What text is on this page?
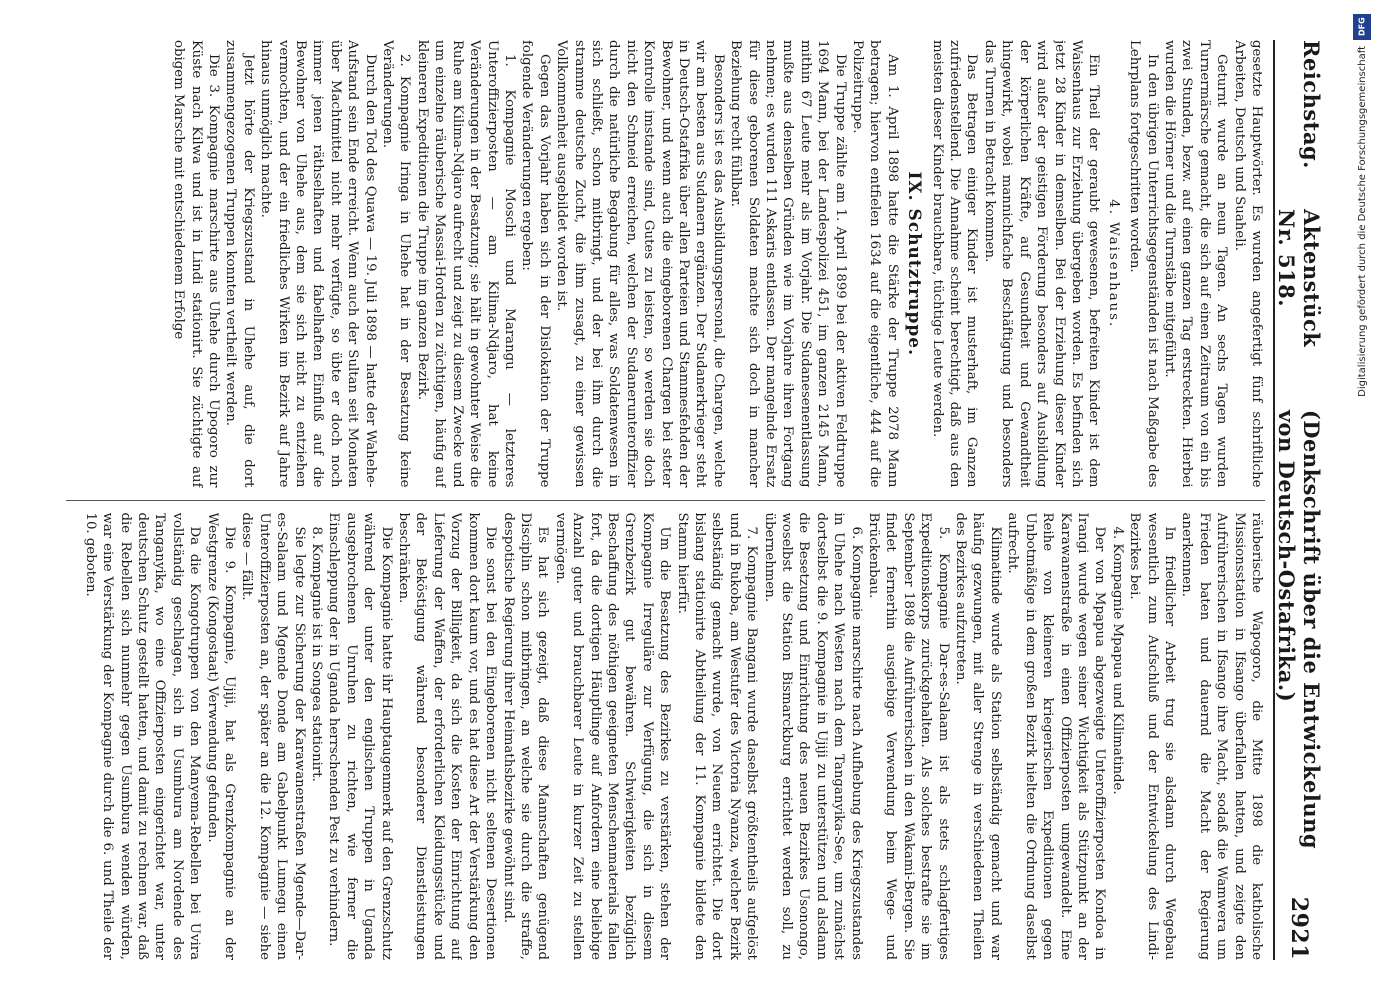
Reichstag.
Aktenstück Nr. 518.
(Denkschrift über die Entwickelung von Deutsch-Ostafrika.)
2921

gesetzte Hauptwörter. Es wurden angefertigt fünf schriftliche Arbeiten, Deutsch und Suaheli.

Geturnt wurde an neun Tagen. An sechs Tagen wurden Turnermärsche gemacht, die sich auf einen Zeitraum von ein bis zwei Stunden, bezw. auf einen ganzen Tag erstreckten. Hierbei wurden die Hörner und die Turnstäbe mitgeführt.

In den übrigen Unterrichtsgegenständen ist nach Maßgabe des Lehrplans fortgeschritten worden.

4. Waisenhaus.

Ein Theil der geraubt gewesenen, befreiten Kinder ist dem Waisenhaus zur Erziehung übergeben worden. Es befinden sich jetzt 28 Kinder in demselben. Bei der Erziehung dieser Kinder wird außer der geistigen Förderung besonders auf Ausbildung der körperlichen Kräfte, auf Gesundheit und Gewandtheit hingewirkt, wobei mannichfache Beschäftigung und besonders das Turnen in Betracht kommen.

Das Betragen einiger Kinder ist musterhaft, im Ganzen zufriedenstellend. Die Annahme scheint berechtigt, daß aus den meisten dieser Kinder brauchbare, tüchtige Leute werden.

IX. Schutztruppe.

Am 1. April 1898 hatte die Stärke der Truppe 2078 Mann betragen; hiervon entfielen 1634 auf die eigentliche, 444 auf die Polizeitruppe.

Die Truppe zählte am 1. April 1899 bei der aktiven Feldtruppe 1694 Mann, bei der Landespolizei 451, im ganzen 2145 Mann, mithin 67 Leute mehr als im Vorjahr. Die Sudanesenentlassung mußte aus denselben Gründen wie im Vorjahre ihren Fortgang nehmen; es wurden 111 Askaris entlassen. Der mangelnde Ersatz für diese geborenen Soldaten machte sich doch in mancher Beziehung recht fühlbar.

Besonders ist es das Ausbildungspersonal, die Chargen, welche wir am besten aus Sudanern ergänzen. Der Sudanerkrieger steht in Deutsch-Ostafrika über allen Parteien und Stammesfehden der Bewohner, und wenn auch die eingeborenen Chargen bei steter Kontrolle imstande sind, Gutes zu leisten, so werden sie doch nicht den Schneid erreichen, welchen der Sudanerunteroffizier durch die natürliche Begabung für alles, was Soldatenwesen in sich schließt, schon mitbringt, und der bei ihm durch die stramme deutsche Zucht, die ihm zusagt, zu einer gewissen Vollkommenheit ausgebildet worden ist.

Gegen das Vorjahr haben sich in der Dislokation der Truppe folgende Veränderungen ergeben:

1. Kompagnie Moschi und Marangu — letzteres Unteroffizierposten — am Kilima-Ndjaro, hat keine Veränderungen in der Besatzung; sie hält in gewohnter Weise die Ruhe am Kilima-Ndjaro aufrecht und zeigt zu diesem Zwecke und um einzelne räuberische Massai-Horden zu züchtigen, häufig auf kleineren Expeditionen die Truppe im ganzen Bezirk.

2. Kompagnie Iringa in Uhehe hat in der Besatzung keine Veränderungen.

Durch den Tod des Quawa — 19. Juli 1898 — hatte der Wahehe-Aufstand sein Ende erreicht. Wenn auch der Sultan seit Monaten über Machtmittel nicht mehr verfügte, so übte er doch noch immer jenen räthselhaften und fabelhaften Einfluß auf die Bewohner von Uhehe aus, dem sie sich nicht zu entziehen vermochten, und der ein friedliches Wirken im Bezirk auf Jahre hinaus unmöglich machte.

Jetzt hörte der Kriegszustand in Uhehe auf, die dort zusammengezogenen Truppen konnten vertheilt werden.

Die 3. Kompagnie marschirte aus Uhehe durch Upogoro zur Küste nach Kilwa und ist in Lindi stationirt. Sie züchtigte auf obigem Marsche mit entschiedenem Erfolge

räuberische Wapogoro, die Mitte 1898 die katholische Missionsstation in Ifsango überfallen hatten, und zeigte den Aufrührerischen in Ifsango ihre Macht, sodaß die Wamwera um Frieden baten und dauernd die Macht der Regierung anerkennen.

In friedlicher Arbeit trug sie alsdann durch Wegebau wesentlich zum Aufschluß und der Entwickelung des Lindi-Bezirkes bei.

4. Kompagnie Mpapua und Kilimatinde.

Der von Mpapua abgezweigte Unteroffizierposten Kondoa in Irangi wurde wegen seiner Wichtigkeit als Stützpunkt an der Karawanenstraße in einen Offizierposten umgewandelt. Eine Reihe von kleineren kriegerischen Expeditionen gegen Unbotmäßige in dem großen Bezirk hielten die Ordnung daselbst aufrecht.

Kilimatinde wurde als Station selbständig gemacht und war häufig gezwungen, mit aller Strenge in verschiedenen Theilen des Bezirkes aufzutreten.

5. Kompagnie Dar-es-Salaam ist als stets schlagfertiges Expeditionskorps zurückgehalten. Als solches bestrafte sie im September 1898 die Aufrührerischen in den Wakami-Bergen. Sie findet fernerhin ausgiebige Verwendung beim Wege- und Brückenbau.

6. Kompagnie marschirte nach Aufhebung des Kriegszustandes in Uhehe nach Westen nach dem Tanganyika-See, um zunächst dortselbst die 9. Kompagnie in Ujiji zu unterstützen und alsdann die Besetzung und Einrichtung des neuen Bezirkes Usonongo, woselbst die Station Bismarckburg errichtet werden soll, zu übernehmen.

7. Kompagnie Bangani wurde daselbst größtentheils aufgelöst und in Bukoba, am Westufer des Victoria Nyanza, welcher Bezirk selbständig gemacht wurde, von Neuem errichtet. Die dort bislang stationirte Abtheilung der 11. Kompagnie bildete den Stamm hierfür.

Um die Besatzung des Bezirkes zu verstärken, stehen der Kompagnie Irreguläre zur Verfügung, die sich in diesem Grenzbezirk gut bewähren. Schwierigkeiten bezüglich Beschaffung des nöthigen geeigneten Menschenmaterials fallen fort, da die dortigen Häuptlinge auf Anfordern eine beliebige Anzahl guter und brauchbarer Leute in kurzer Zeit zu stellen vermögen.

Es hat sich gezeigt, daß diese Mannschaften genügend Disciplin schon mitbringen, an welche sie durch die straffe, despotische Regierung ihrer Heimathsbezirke gewöhnt sind.

Die sonst bei den Eingeborenen nicht seltenen Desertionen kommen dort kaum vor, und es hat diese Art der Verstärkung den Vorzug der Billigkeit, da sich die Kosten der Einrichtung auf Lieferung der Waffen, der erforderlichen Kleidungsstücke und der Beköstigung während besonderer Dienstleistungen beschränken.

Die Kompagnie hatte ihr Hauptaugenmerk auf den Grenzschutz während der unter den englischen Truppen in Uganda ausgebrochenen Unruhen zu richten, wie ferner die Einschleppung der in Uganda herrschenden Pest zu verhindern.

8. Kompagnie ist in Songea stationirt.

Sie legte zur Sicherung der Karawanenstraßen Mgende—Dar-es-Salaam und Mgende Donde am Gabelpunkt Lumegu einen Unteroffizierposten an, der später an die 12. Kompagnie — siehe diese — fällt.

Die 9. Kompagnie, Ujiji, hat als Grenzkompagnie an der Westgrenze (Kongostaat) Verwendung gefunden.

Da die Kongotruppen von den Manyema-Rebellen bei Uvira vollständig geschlagen, sich in Usumbura am Nordende des Tanganyika, wo eine Offizierposten eingerichtet war, unter deutschen Schutz gestellt hatten, und damit zu rechnen war, daß die Rebellen sich nunmehr gegen Usumbura wenden würden, war eine Verstärkung der Kompagnie durch die 6. und Theile der 10. geboten.

DFG
Digitalisierung gefördert durch die Deutsche Forschungsgemeinschaft
